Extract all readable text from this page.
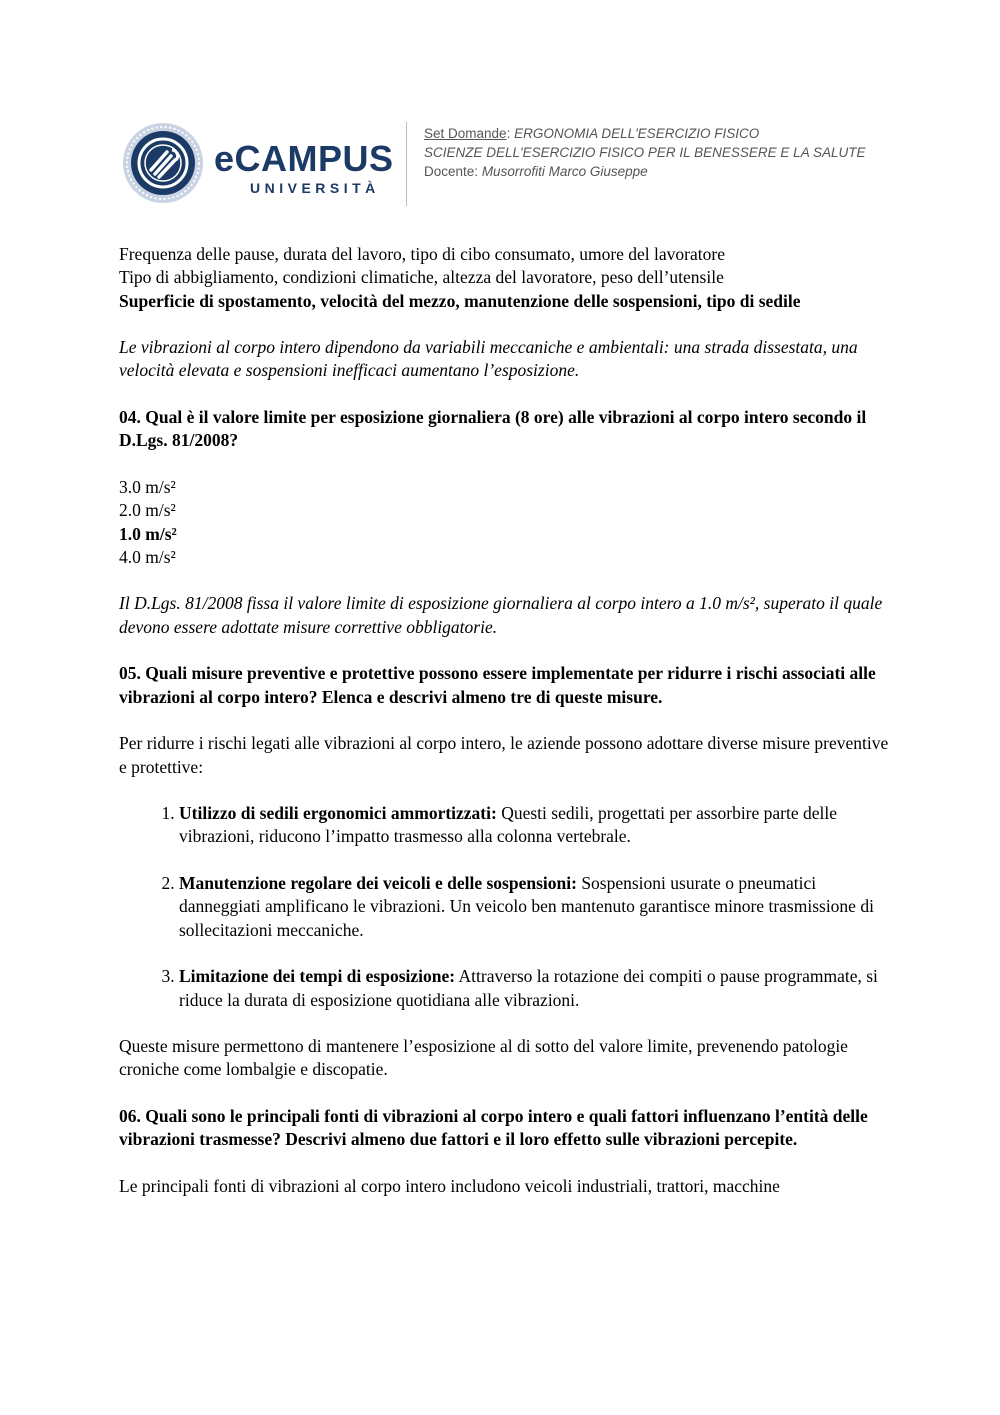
eCAMPUS
UNIVERSITÀ
Set Domande: ERGONOMIA DELL'ESERCIZIO FISICO
SCIENZE DELL'ESERCIZIO FISICO PER IL BENESSERE E LA SALUTE
Docente: Musorrofiti Marco Giuseppe

Frequenza delle pause, durata del lavoro, tipo di cibo consumato, umore del lavoratore

Tipo di abbigliamento, condizioni climatiche, altezza del lavoratore, peso dell’utensile

Superficie di spostamento, velocità del mezzo, manutenzione delle sospensioni, tipo di sedile

Le vibrazioni al corpo intero dipendono da variabili meccaniche e ambientali: una strada dissestata, una velocità elevata e sospensioni inefficaci aumentano l’esposizione.

04. Qual è il valore limite per esposizione giornaliera (8 ore) alle vibrazioni al corpo intero secondo il D.Lgs. 81/2008?

3.0 m/s²

2.0 m/s²

1.0 m/s²

4.0 m/s²

Il D.Lgs. 81/2008 fissa il valore limite di esposizione giornaliera al corpo intero a 1.0 m/s², superato il quale devono essere adottate misure correttive obbligatorie.

05. Quali misure preventive e protettive possono essere implementate per ridurre i rischi associati alle vibrazioni al corpo intero? Elenca e descrivi almeno tre di queste misure.

Per ridurre i rischi legati alle vibrazioni al corpo intero, le aziende possono adottare diverse misure preventive e protettive:

1. Utilizzo di sedili ergonomici ammortizzati: Questi sedili, progettati per assorbire parte delle vibrazioni, riducono l’impatto trasmesso alla colonna vertebrale.
2. Manutenzione regolare dei veicoli e delle sospensioni: Sospensioni usurate o pneumatici danneggiati amplificano le vibrazioni. Un veicolo ben mantenuto garantisce minore trasmissione di sollecitazioni meccaniche.
3. Limitazione dei tempi di esposizione: Attraverso la rotazione dei compiti o pause programmate, si riduce la durata di esposizione quotidiana alle vibrazioni.

Queste misure permettono di mantenere l’esposizione al di sotto del valore limite, prevenendo patologie croniche come lombalgie e discopatie.

06. Quali sono le principali fonti di vibrazioni al corpo intero e quali fattori influenzano l’entità delle vibrazioni trasmesse? Descrivi almeno due fattori e il loro effetto sulle vibrazioni percepite.

Le principali fonti di vibrazioni al corpo intero includono veicoli industriali, trattori, macchine
